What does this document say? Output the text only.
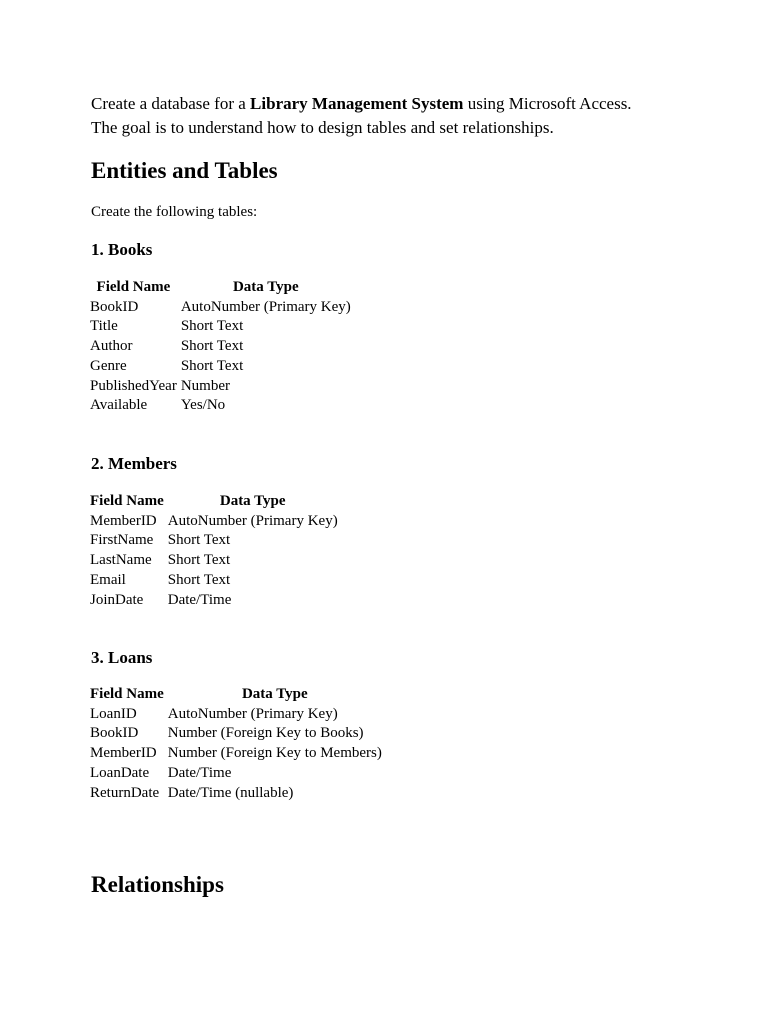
Create a database for a Library Management System using Microsoft Access.

The goal is to understand how to design tables and set relationships.

Entities and Tables
Create the following tables:
1. Books
Field Name	Data Type
BookID	AutoNumber (Primary Key)
Title	Short Text
Author	Short Text
Genre	Short Text
PublishedYear	Number
Available	Yes/No
2. Members
Field Name	Data Type
MemberID	AutoNumber (Primary Key)
FirstName	Short Text
LastName	Short Text
Email	Short Text
JoinDate	Date/Time
3. Loans
Field Name	Data Type
LoanID	AutoNumber (Primary Key)
BookID	Number (Foreign Key to Books)
MemberID	Number (Foreign Key to Members)
LoanDate	Date/Time
ReturnDate	Date/Time (nullable)
Relationships
